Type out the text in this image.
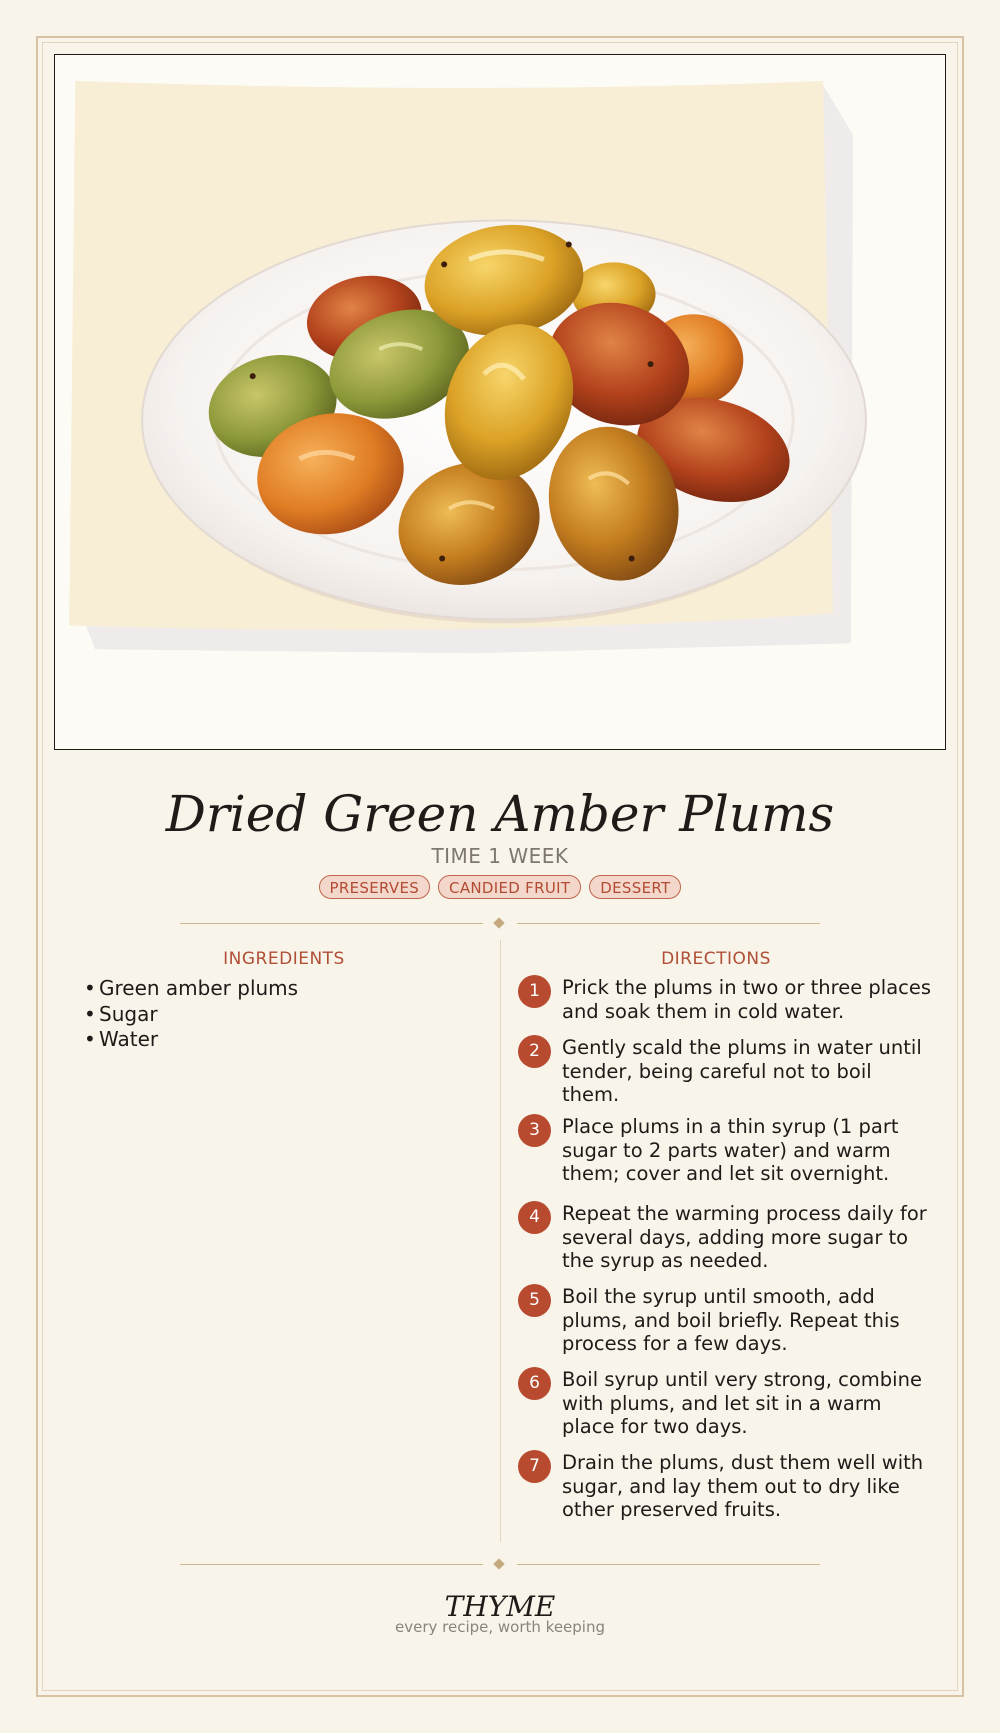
Dried Green Amber Plums
TIME 1 WEEK
PRESERVES	CANDIED FRUIT	DESSERT
INGREDIENTS	DIRECTIONS
• Green amber plums
• Sugar
• Water
1	Prick the plums in two or three places and soak them in cold water.
2	Gently scald the plums in water until tender, being careful not to boil them.
3	Place plums in a thin syrup (1 part sugar to 2 parts water) and warm them; cover and let sit overnight.
4	Repeat the warming process daily for several days, adding more sugar to the syrup as needed.
5	Boil the syrup until smooth, add plums, and boil briefly. Repeat this process for a few days.
6	Boil syrup until very strong, combine with plums, and let sit in a warm place for two days.
7	Drain the plums, dust them well with sugar, and lay them out to dry like other preserved fruits.
THYME
every recipe, worth keeping
